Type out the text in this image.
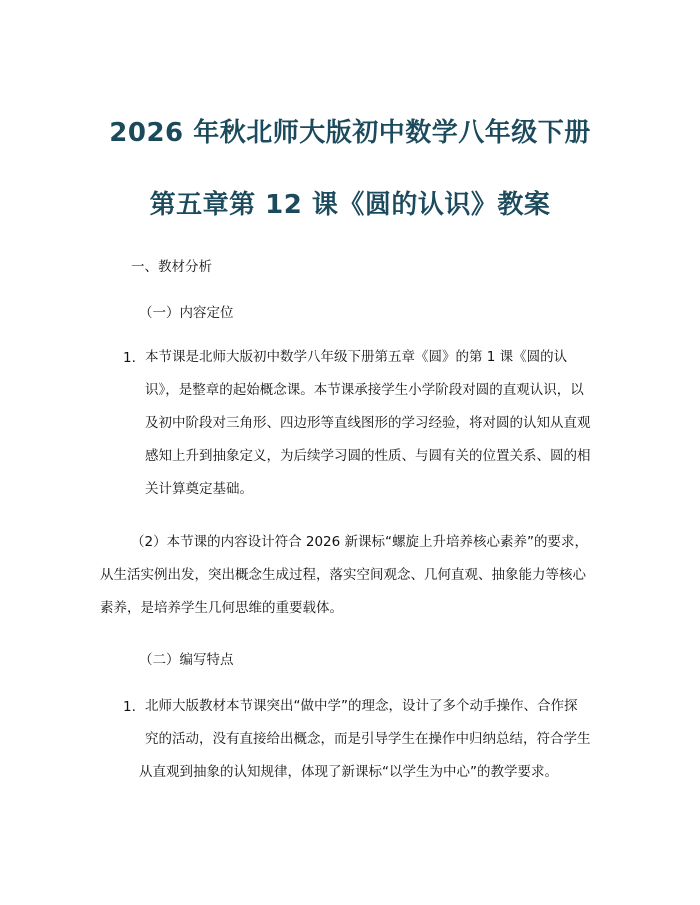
2026 年秋北师大版初中数学八年级下册
第五章第 12 课《圆的认识》教案
一、教材分析
（一）内容定位
1. 本节课是北师大版初中数学八年级下册第五章《圆》的第 1 课《圆的认
识》，是整章的起始概念课。本节课承接学生小学阶段对圆的直观认识，以
及初中阶段对三角形、四边形等直线图形的学习经验，将对圆的认知从直观
感知上升到抽象定义，为后续学习圆的性质、与圆有关的位置关系、圆的相
关计算奠定基础。
（2）本节课的内容设计符合 2026 新课标“螺旋上升培养核心素养”的要求，
从生活实例出发，突出概念生成过程，落实空间观念、几何直观、抽象能力等核心
素养，是培养学生几何思维的重要载体。
（二）编写特点
1. 北师大版教材本节课突出“做中学”的理念，设计了多个动手操作、合作探
究的活动，没有直接给出概念，而是引导学生在操作中归纳总结，符合学生
从直观到抽象的认知规律，体现了新课标“以学生为中心”的教学要求。
